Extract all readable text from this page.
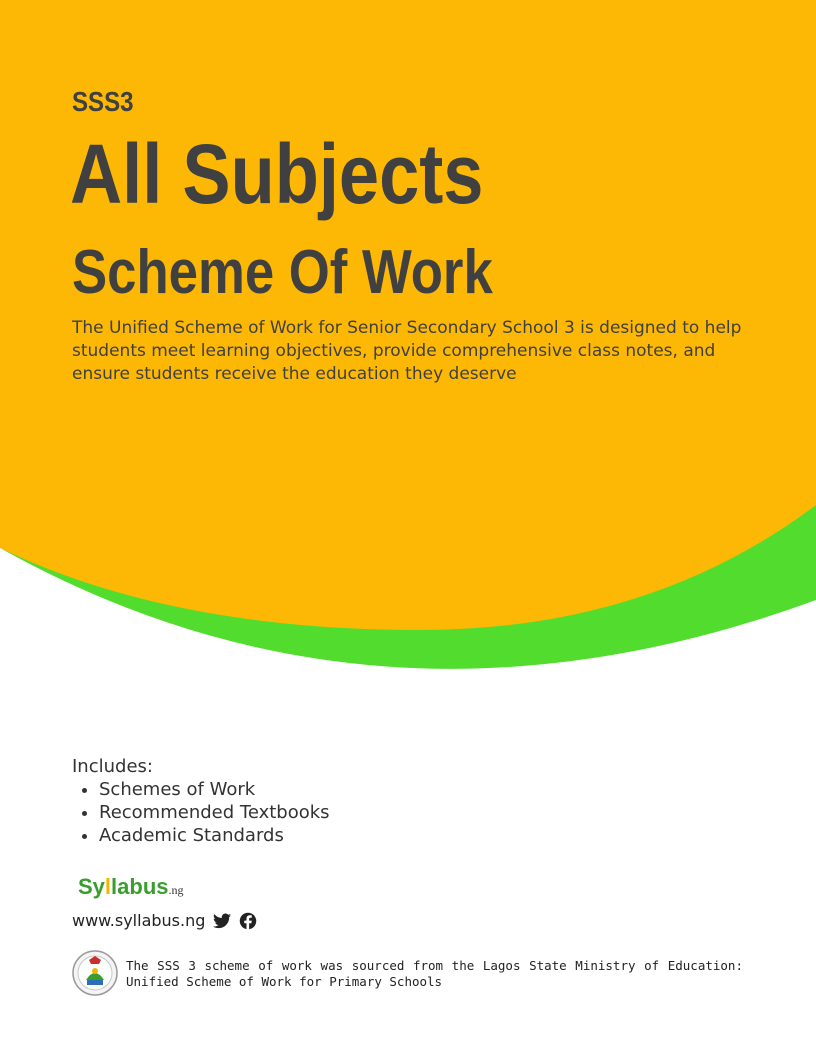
SSS3
All Subjects
Scheme Of Work
The Unified Scheme of Work for Senior Secondary School 3 is designed to help students meet learning objectives, provide comprehensive class notes, and ensure students receive the education they deserve
Includes:
• Schemes of Work
• Recommended Textbooks
• Academic Standards
Syllabus.ng
www.syllabus.ng
The SSS 3 scheme of work was sourced from the Lagos State Ministry of Education: Unified Scheme of Work for Primary Schools
